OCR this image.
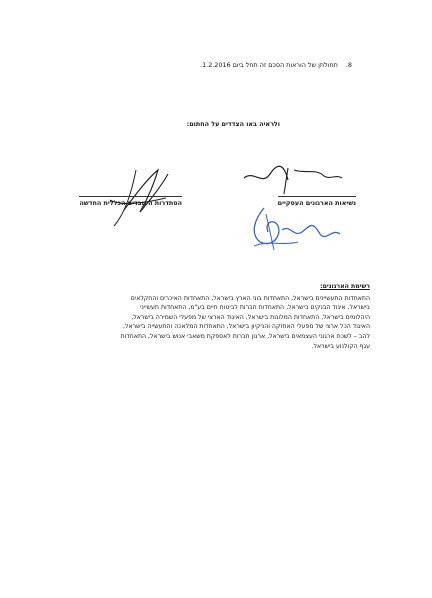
8. תחולתן של הוראות הסכם זה תחל ביום 1.2.2016.
ולראיה באו הצדדים על החתום:
נשיאות הארגונים העסקיים
הסתדרות העובדים הכללית החדשה
רשימת הארגונים:
התאחדות התעשיינים בישראל, התאחדות בוני הארץ בישראל, התאחדות האיכרים והחקלאים
בישראל, איגוד הבנקים בישראל, התאחדות חברות לביטוח חיים בע"מ, התאחדות תעשייני
היהלומים בישראל, התאחדות המלונות בישראל, האיגוד הארצי של מפעלי השמירה בישראל,
האיגוד הכל ארצי של מפעלי האחזקה והניקיון בישראל, התאחדות המלאכה והתעשייה בישראל,
להב – לשכת ארגוני העצמאים בישראל, ארגון חברות לאספקת משאבי אנוש בישראל, התאחדות
עגף הקולנוע בישראל.
